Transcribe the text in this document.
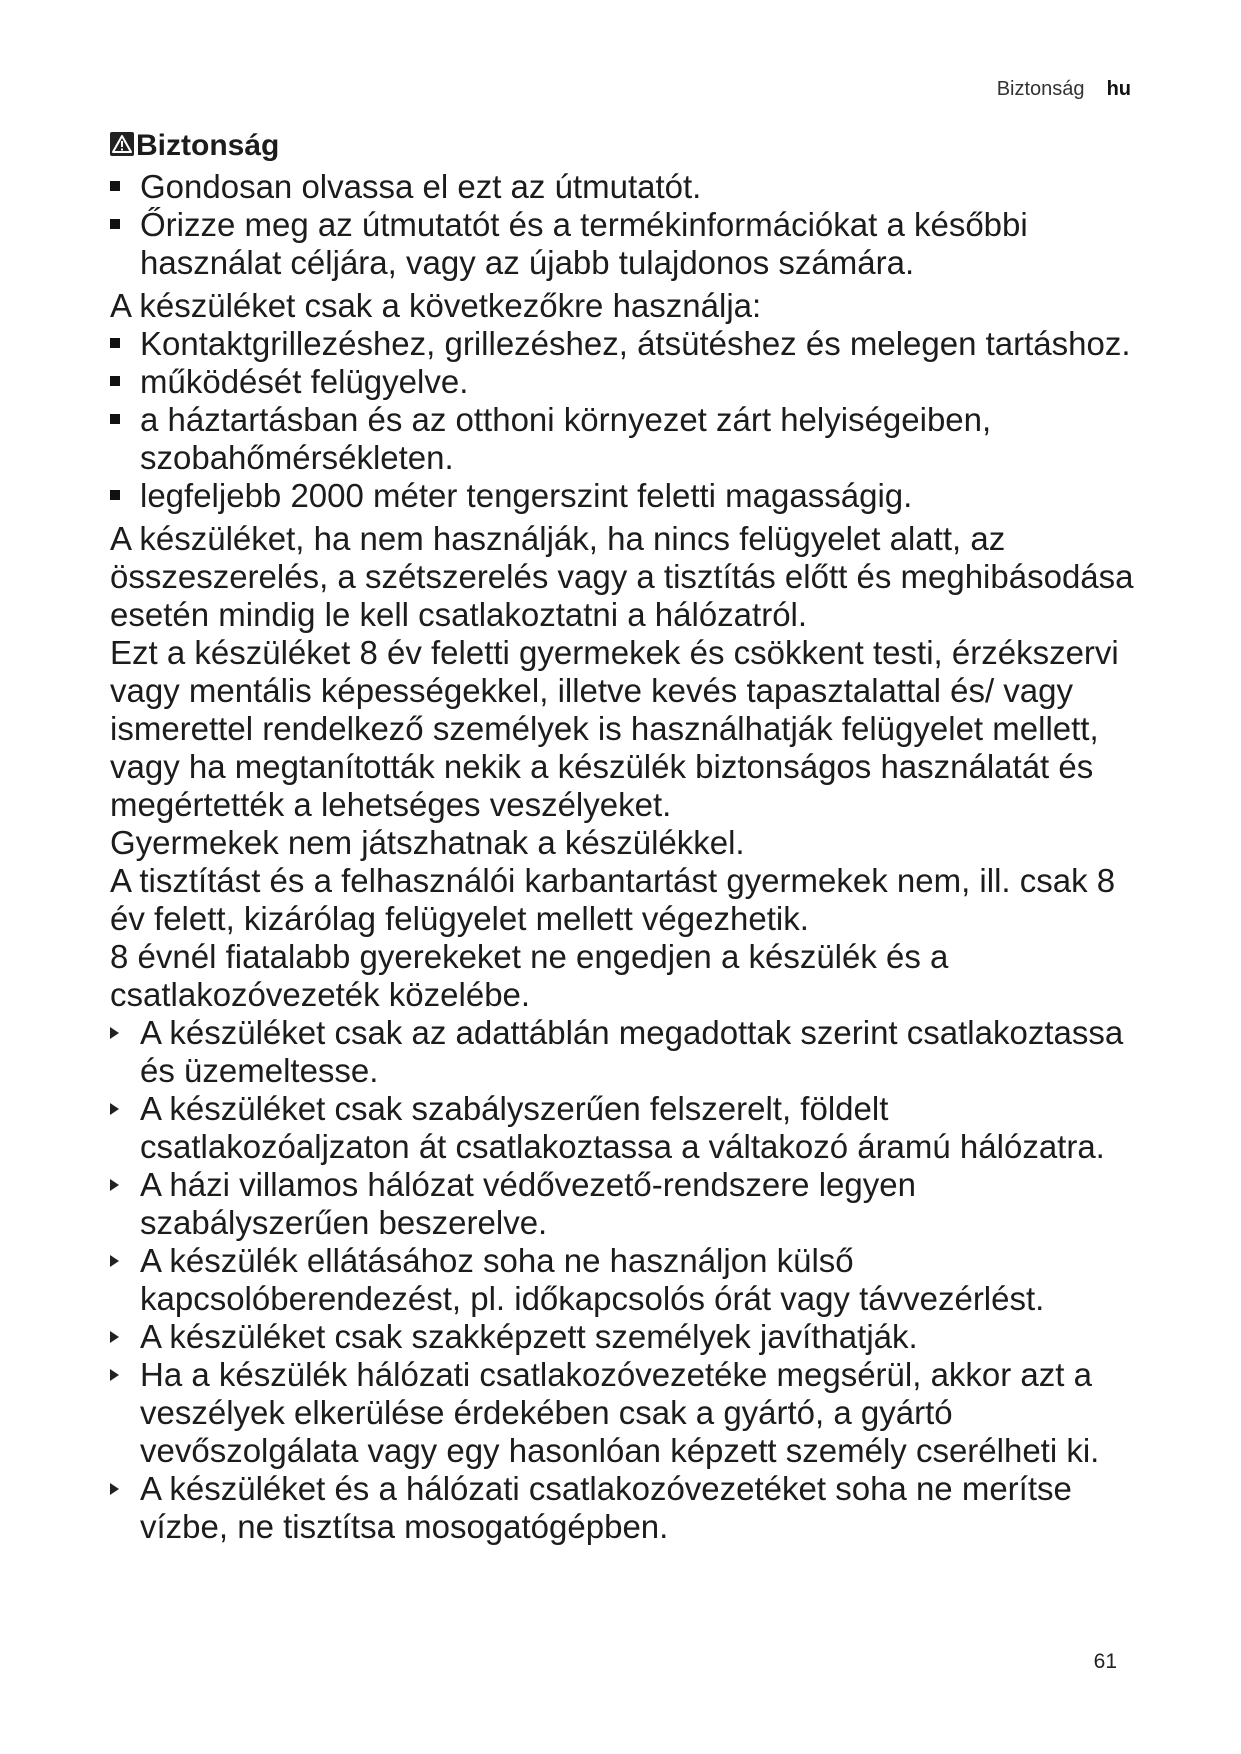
Biztonság hu
Biztonság
Gondosan olvassa el ezt az útmutatót.
Őrizze meg az útmutatót és a termékinformációkat a későbbi használat céljára, vagy az újabb tulajdonos számára.

A készüléket csak a következőkre használja:

Kontaktgrillezéshez, grillezéshez, átsütéshez és melegen tartáshoz.
működését felügyelve.
a háztartásban és az otthoni környezet zárt helyiségeiben, szobahőmérsékleten.
legfeljebb 2000 méter tengerszint feletti magasságig.

A készüléket, ha nem használják, ha nincs felügyelet alatt, az összeszerelés, a szétszerelés vagy a tisztítás előtt és meghibásodása esetén mindig le kell csatlakoztatni a hálózatról.

Ezt a készüléket 8 év feletti gyermekek és csökkent testi, érzékszervi vagy mentális képességekkel, illetve kevés tapasztalattal és/ vagy ismerettel rendelkező személyek is használhatják felügyelet mellett, vagy ha megtanították nekik a készülék biztonságos használatát és megértették a lehetséges veszélyeket.

Gyermekek nem játszhatnak a készülékkel.

A tisztítást és a felhasználói karbantartást gyermekek nem, ill. csak 8 év felett, kizárólag felügyelet mellett végezhetik.

8 évnél fiatalabb gyerekeket ne engedjen a készülék és a csatlakozóvezeték közelébe.

A készüléket csak az adattáblán megadottak szerint csatlakoztassa és üzemeltesse.
A készüléket csak szabályszerűen felszerelt, földelt csatlakozóaljzaton át csatlakoztassa a váltakozó áramú hálózatra.
A házi villamos hálózat védővezető-rendszere legyen szabályszerűen beszerelve.
A készülék ellátásához soha ne használjon külső kapcsolóberendezést, pl. időkapcsolós órát vagy távvezérlést.
A készüléket csak szakképzett személyek javíthatják.
Ha a készülék hálózati csatlakozóvezetéke megsérül, akkor azt a veszélyek elkerülése érdekében csak a gyártó, a gyártó vevőszolgálata vagy egy hasonlóan képzett személy cserélheti ki.
A készüléket és a hálózati csatlakozóvezetéket soha ne merítse vízbe, ne tisztítsa mosogatógépben.
61
